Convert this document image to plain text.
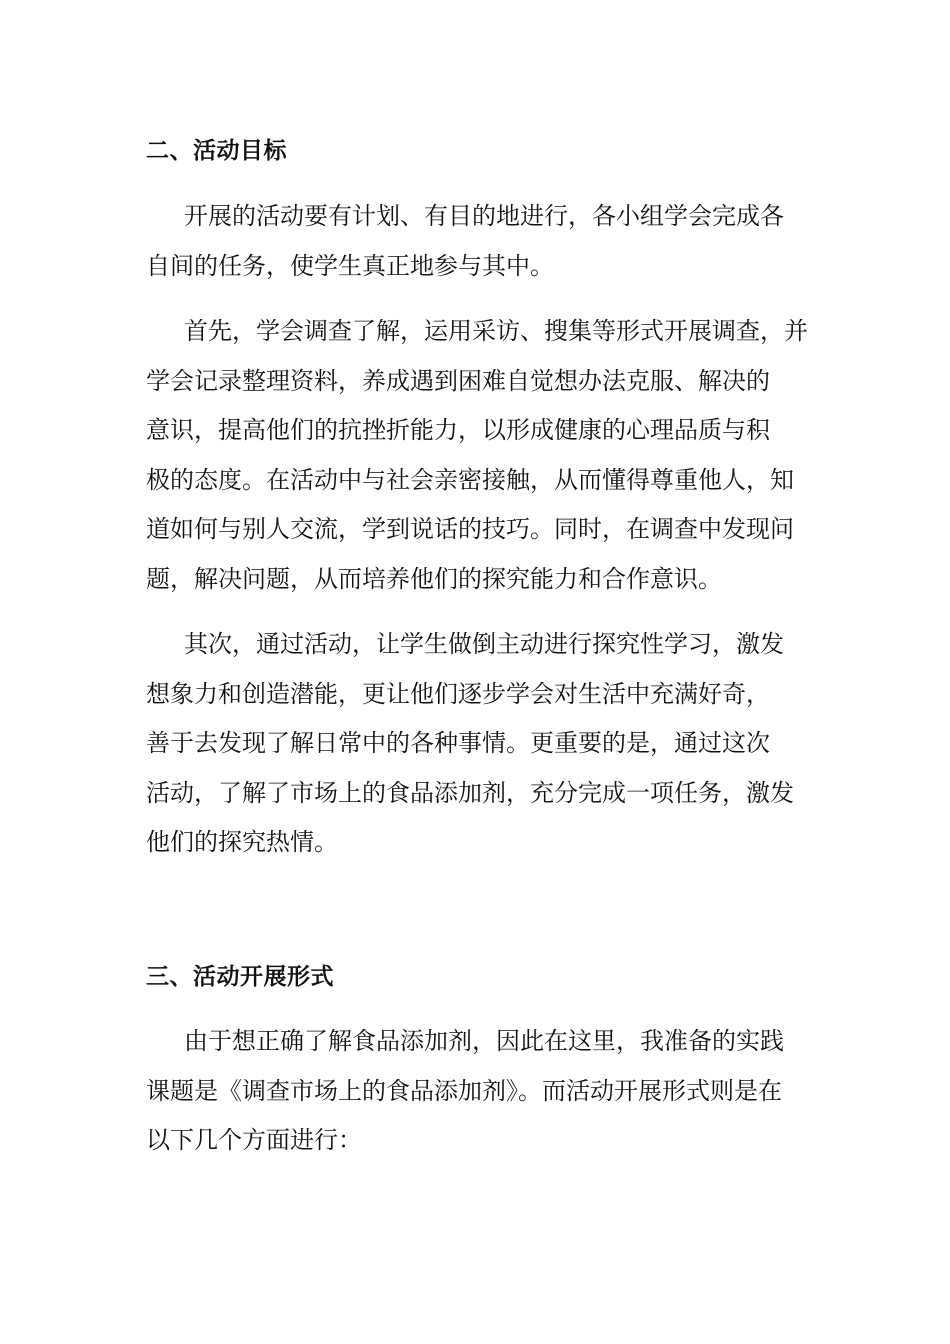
二、活动目标
开展的活动要有计划、有目的地进行，各小组学会完成各
自间的任务，使学生真正地参与其中。
首先，学会调查了解，运用采访、搜集等形式开展调查，并
学会记录整理资料，养成遇到困难自觉想办法克服、解决的
意识，提高他们的抗挫折能力，以形成健康的心理品质与积
极的态度。在活动中与社会亲密接触，从而懂得尊重他人，知
道如何与别人交流，学到说话的技巧。同时，在调查中发现问
题，解决问题，从而培养他们的探究能力和合作意识。
其次，通过活动，让学生做倒主动进行探究性学习，激发
想象力和创造潜能，更让他们逐步学会对生活中充满好奇，
善于去发现了解日常中的各种事情。更重要的是，通过这次
活动，了解了市场上的食品添加剂，充分完成一项任务，激发
他们的探究热情。
三、活动开展形式
由于想正确了解食品添加剂，因此在这里，我准备的实践
课题是《调查市场上的食品添加剂》。而活动开展形式则是在
以下几个方面进行：
